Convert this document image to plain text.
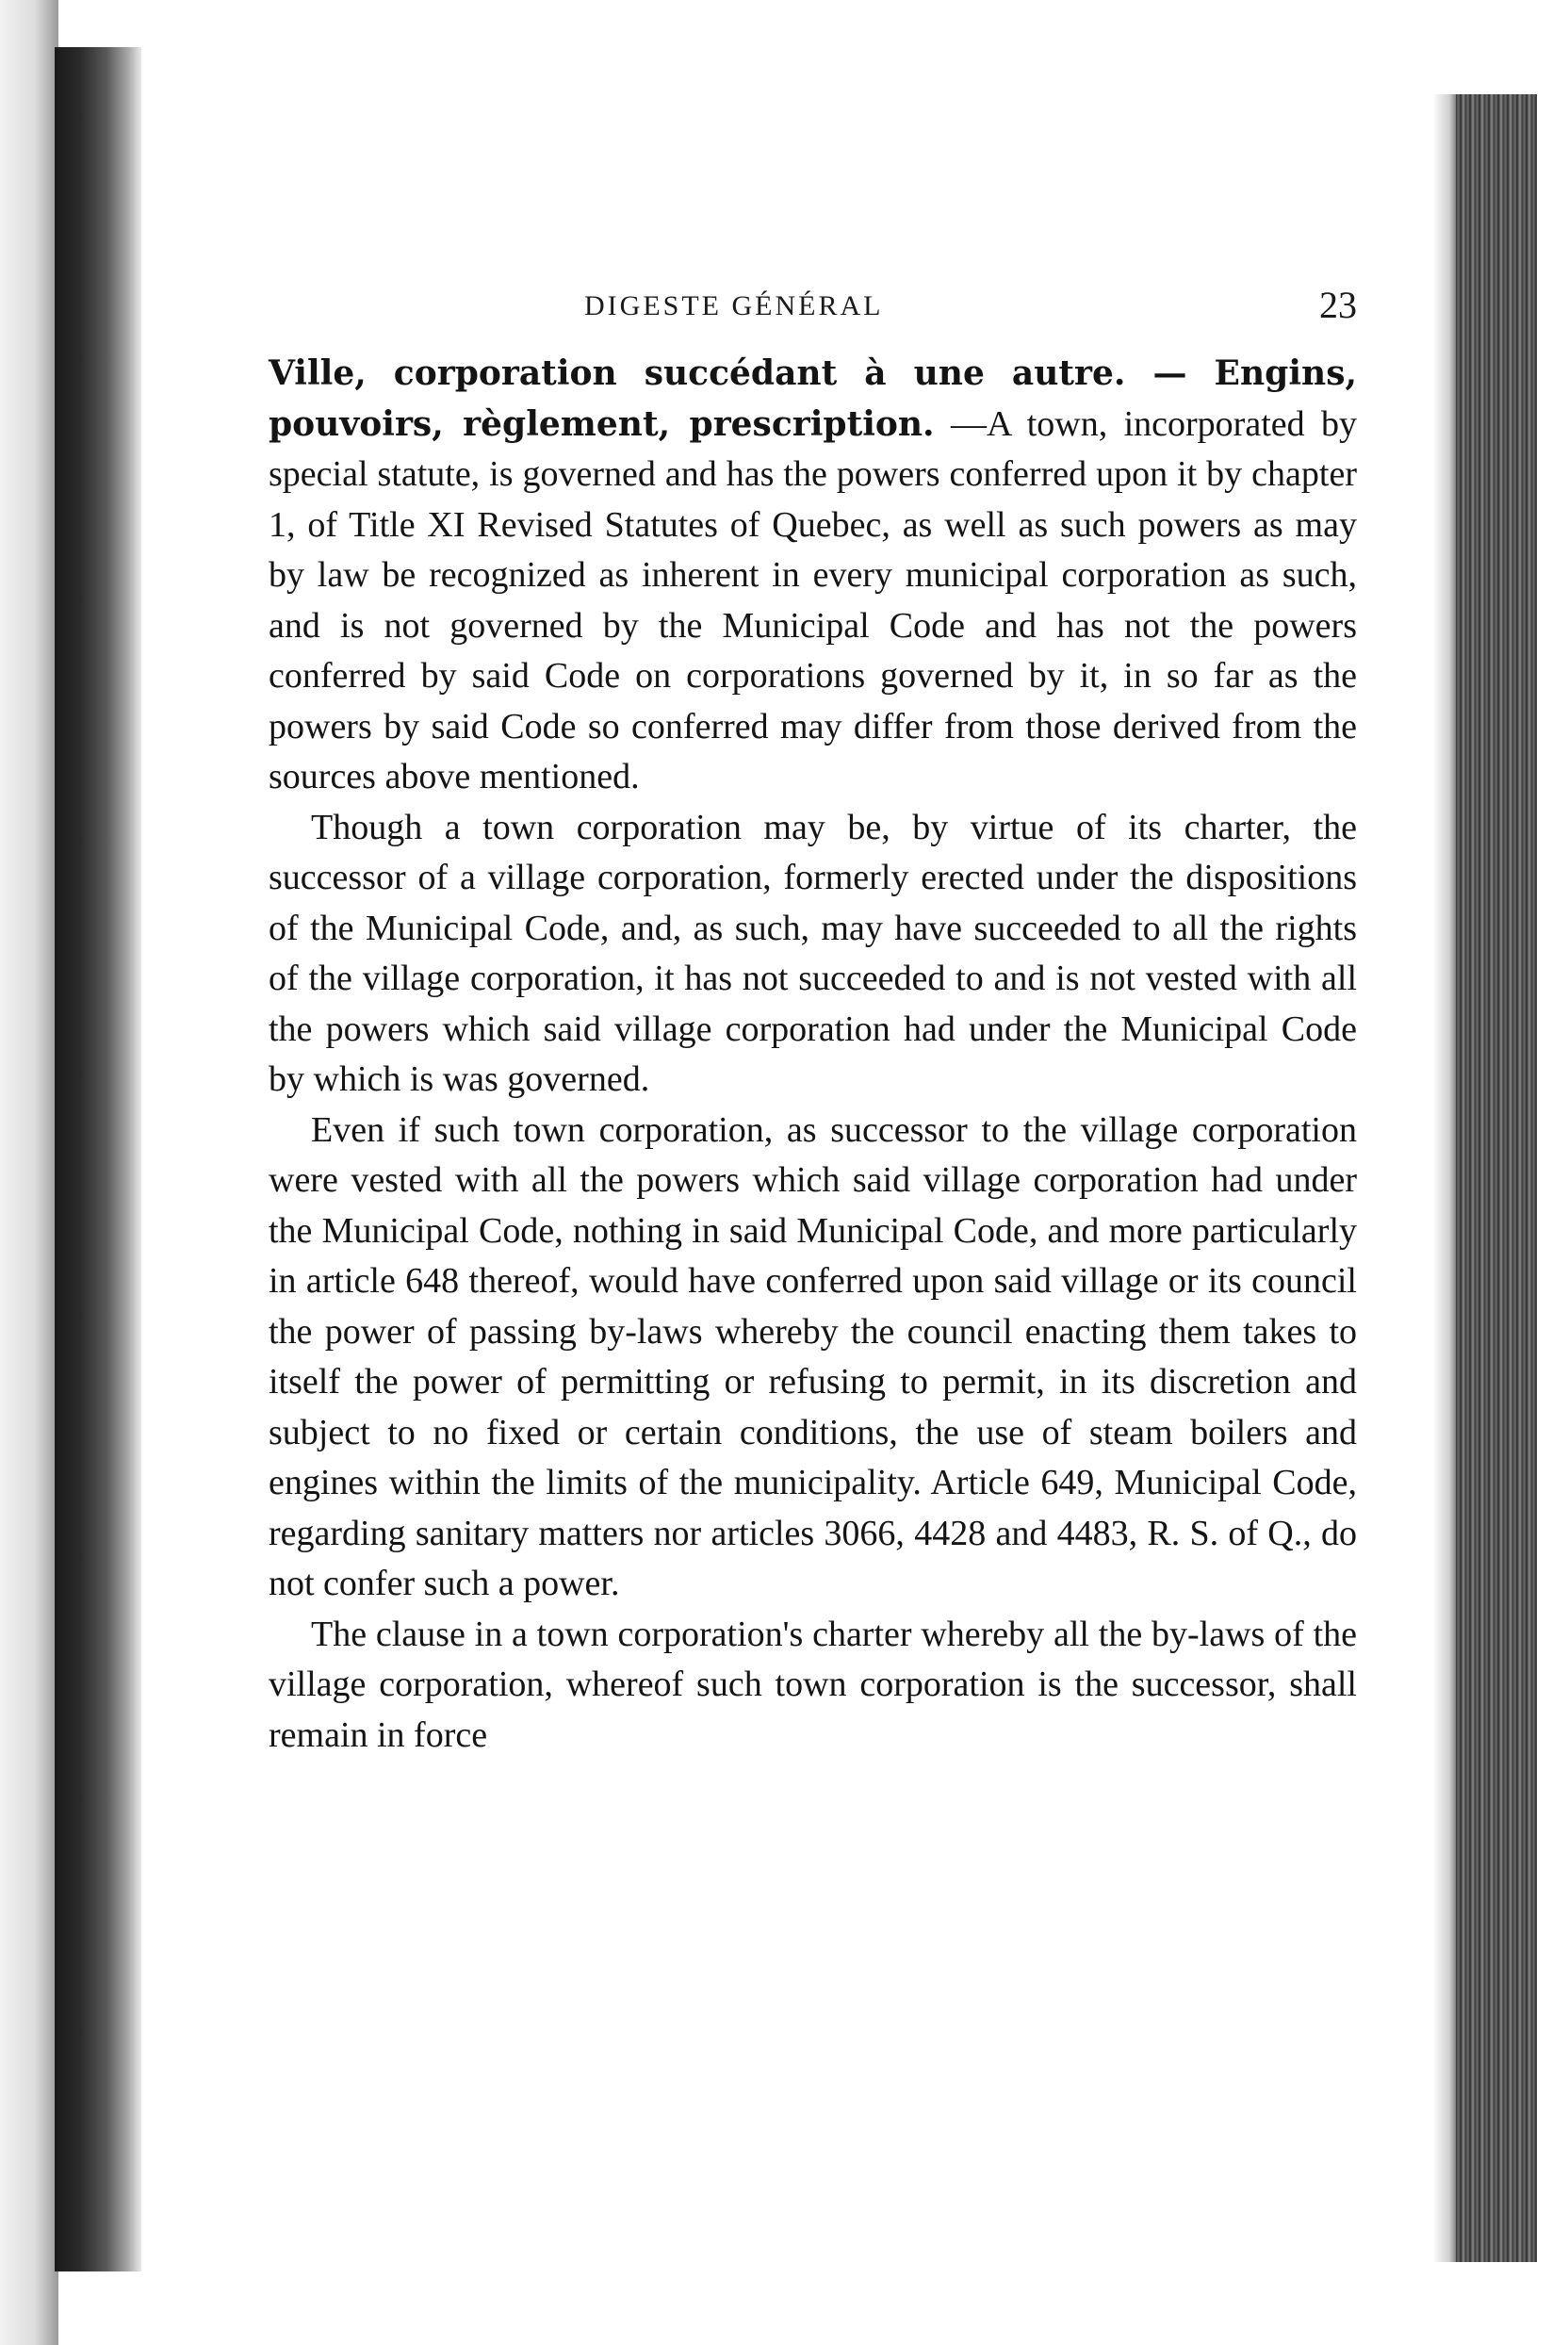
DIGESTE GÉNÉRAL	23

Ville, corporation succédant à une autre. — Engins, pouvoirs, règlement, prescription. —A town, incorporated by special statute, is governed and has the powers conferred upon it by chapter 1, of Title XI Revised Statutes of Quebec, as well as such powers as may by law be recognized as inherent in every municipal corporation as such, and is not governed by the Municipal Code and has not the powers conferred by said Code on corporations governed by it, in so far as the powers by said Code so conferred may differ from those derived from the sources above mentioned.

Though a town corporation may be, by virtue of its charter, the successor of a village corporation, formerly erected under the dispositions of the Municipal Code, and, as such, may have succeeded to all the rights of the village corporation, it has not succeeded to and is not vested with all the powers which said village corporation had under the Municipal Code by which is was governed.

Even if such town corporation, as successor to the village corporation were vested with all the powers which said village corporation had under the Municipal Code, nothing in said Municipal Code, and more particularly in article 648 thereof, would have conferred upon said village or its council the power of passing by-laws whereby the council enacting them takes to itself the power of permitting or refusing to permit, in its discretion and subject to no fixed or certain conditions, the use of steam boilers and engines within the limits of the municipality. Article 649, Municipal Code, regarding sanitary matters nor articles 3066, 4428 and 4483, R. S. of Q., do not confer such a power.

The clause in a town corporation's charter whereby all the by-laws of the village corporation, whereof such town corporation is the successor, shall remain in force
